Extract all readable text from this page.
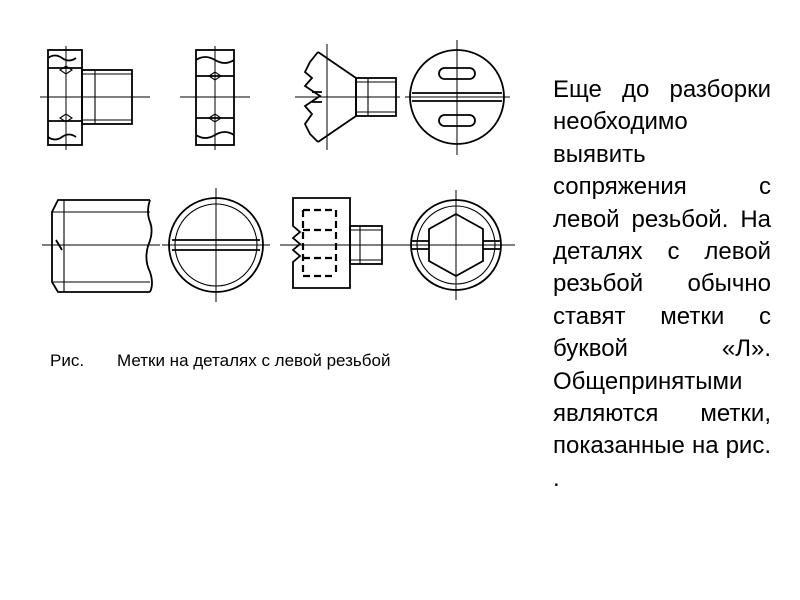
Рис. Метки на деталях с левой резьбой

Еще до разборки необходимо выявить сопряжения с левой резьбой. На деталях с левой резьбой обычно ставят метки с буквой «Л». Общепринятыми являются метки, показанные на рис. .
